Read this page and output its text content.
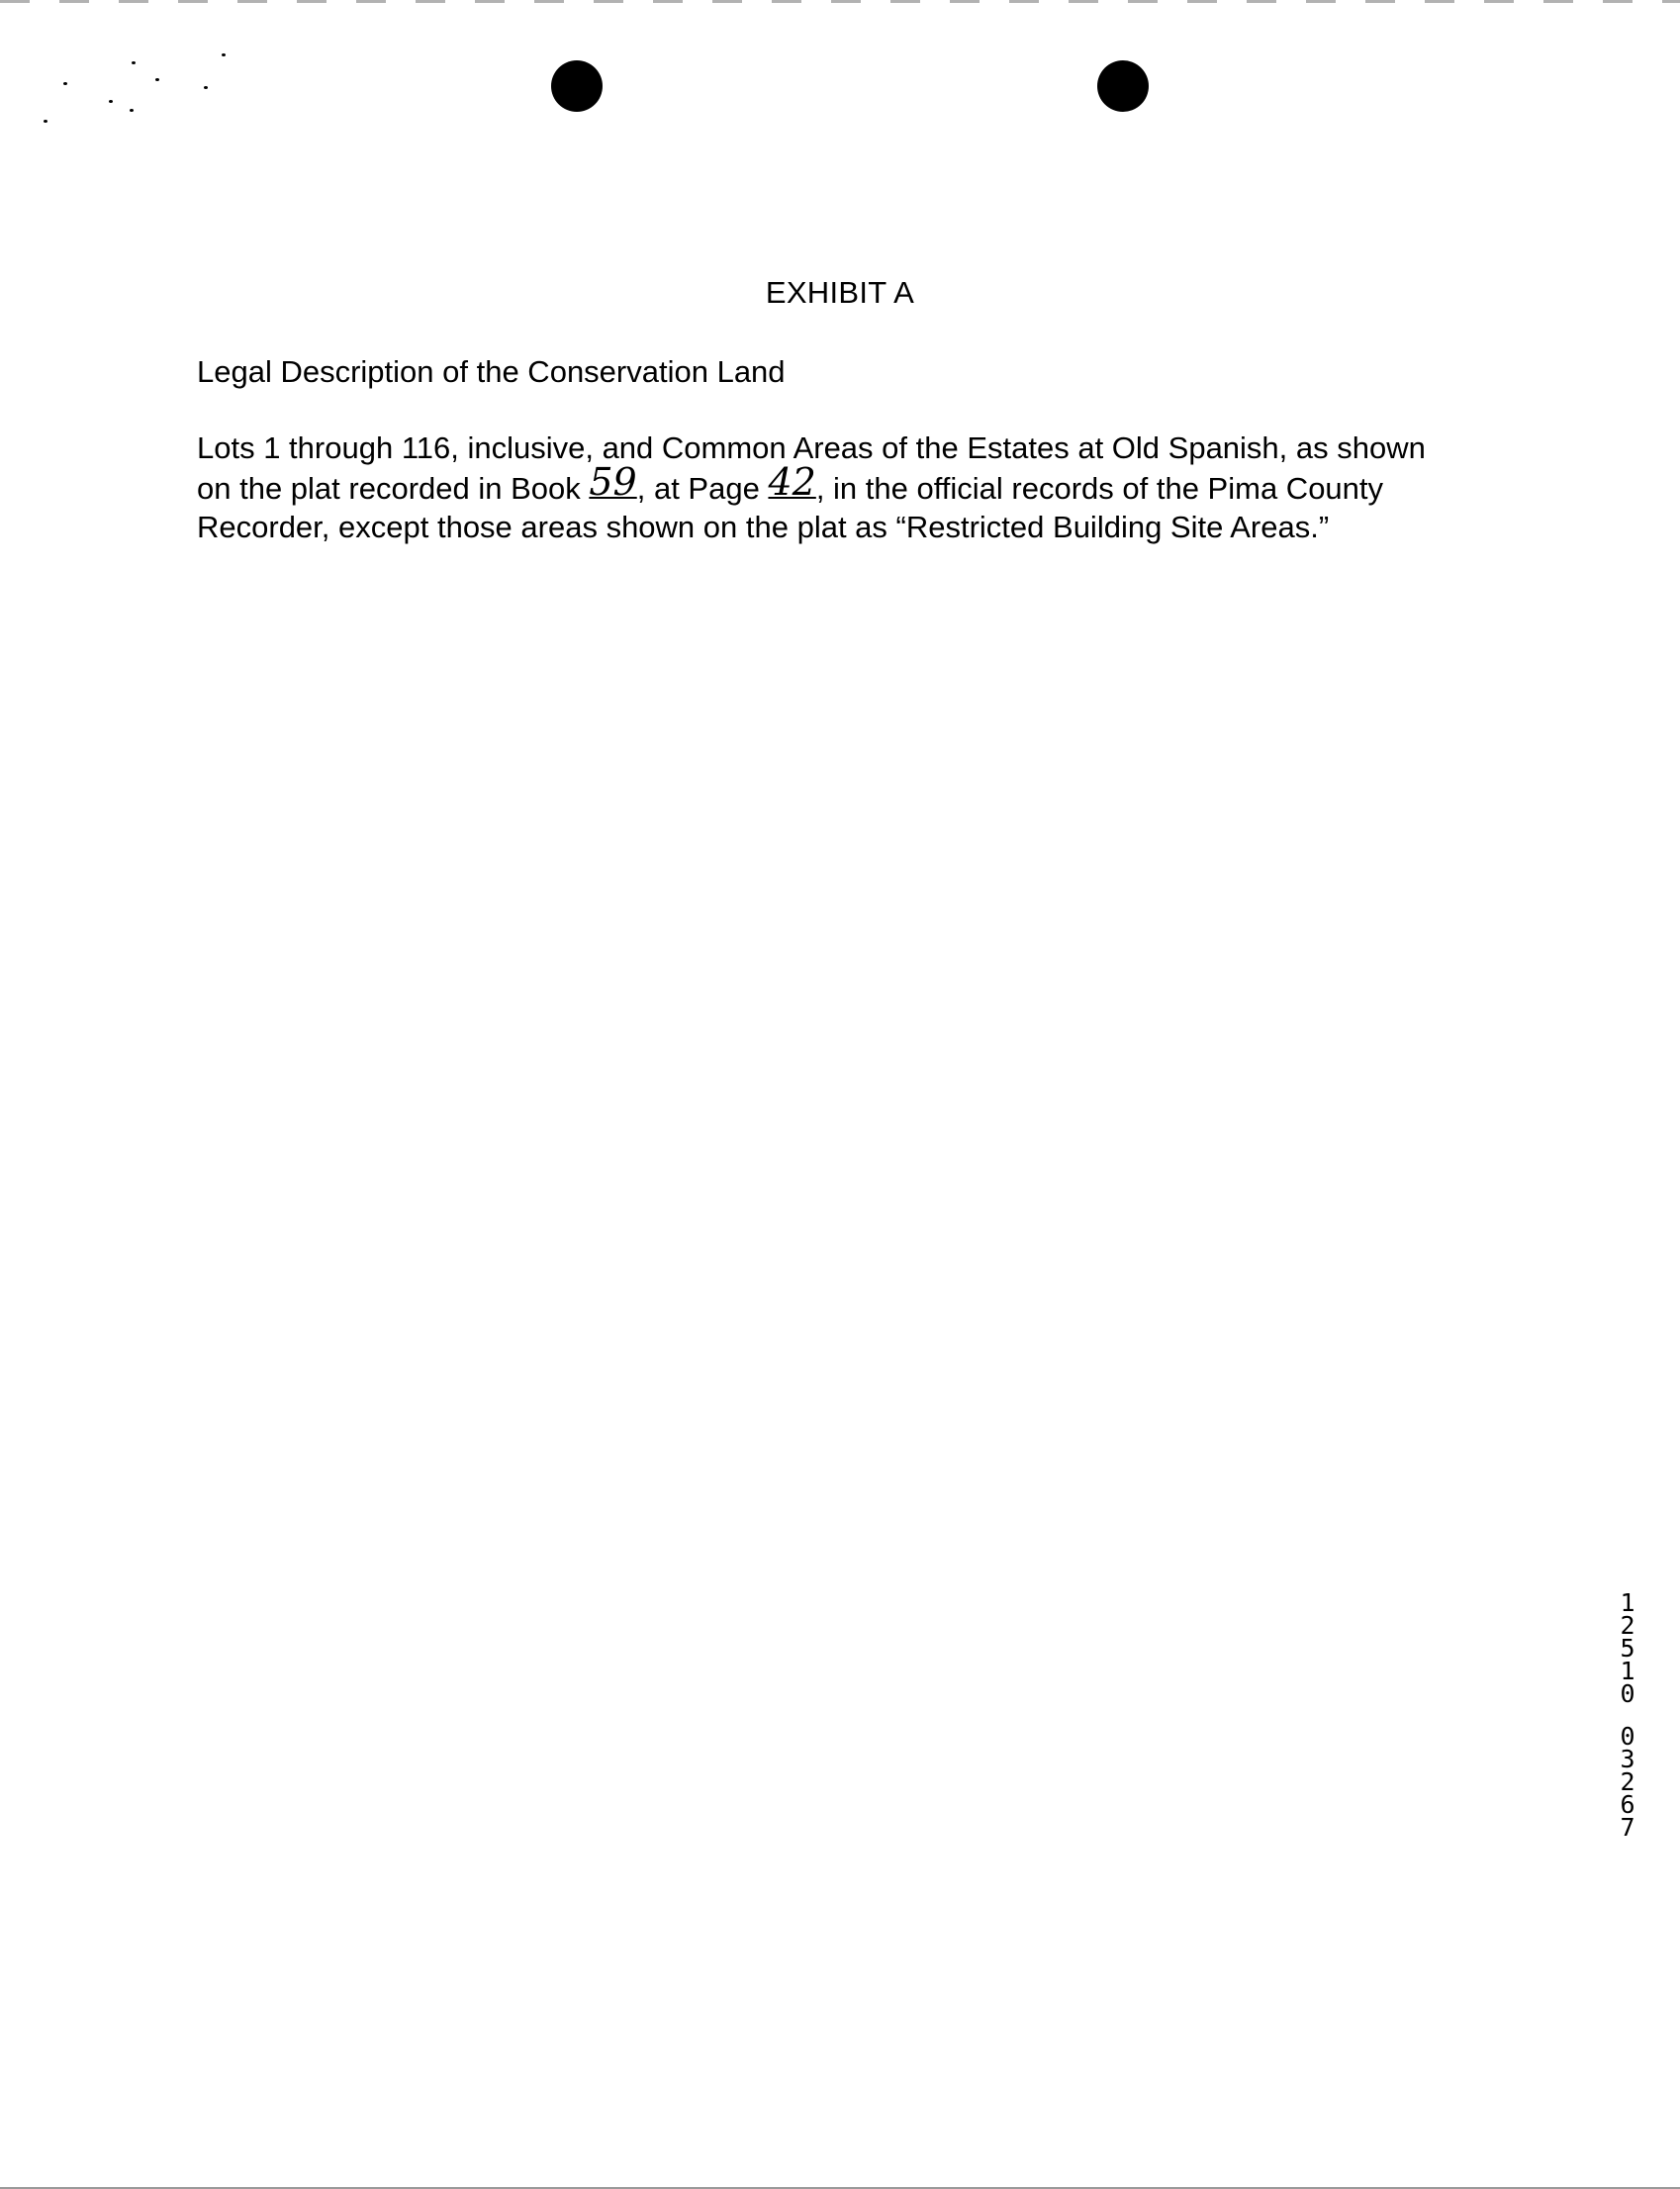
EXHIBIT A
Legal Description of the Conservation Land
Lots 1 through 116, inclusive, and Common Areas of the Estates at Old Spanish, as shown
on the plat recorded in Book 59, at Page 42, in the official records of the Pima County
Recorder, except those areas shown on the plat as “Restricted Building Site Areas.”
1
2
5
1
0
0
3
2
6
7
